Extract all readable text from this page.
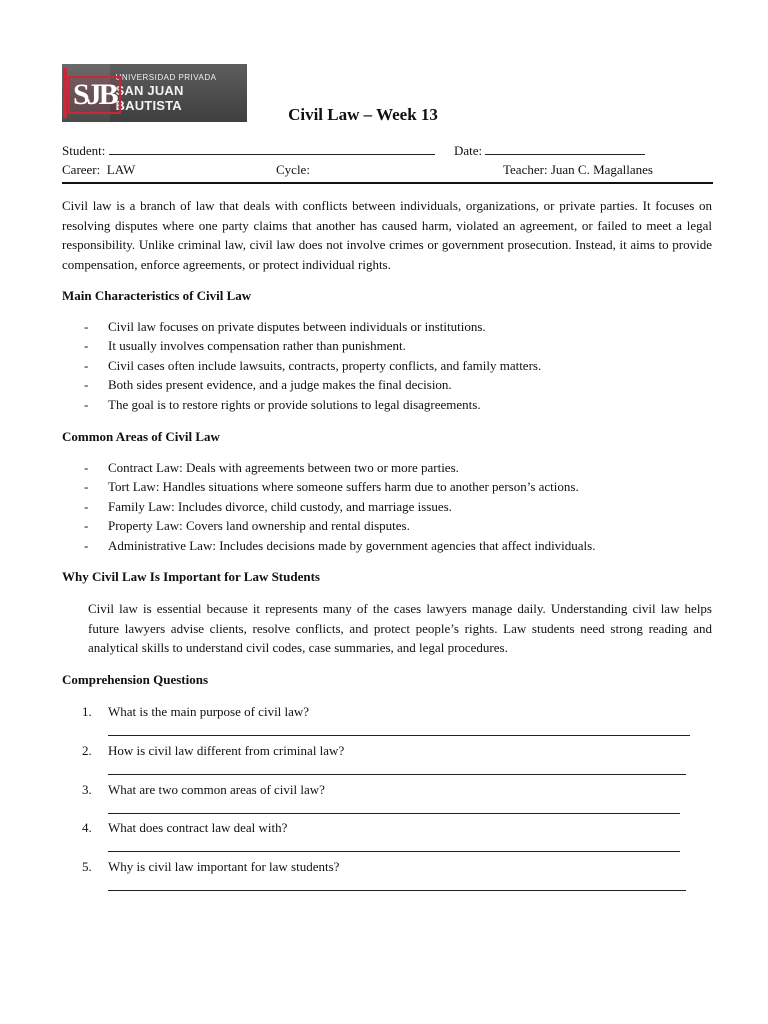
SJB
UNIVERSIDAD PRIVADA
SAN JUAN BAUTISTA	Civil Law – Week 13
Student:	Date:
Career: LAW	Cycle:	Teacher: Juan C. Magallanes

Civil law is a branch of law that deals with conflicts between individuals, organizations, or private parties. It focuses on resolving disputes where one party claims that another has caused harm, violated an agreement, or failed to meet a legal responsibility. Unlike criminal law, civil law does not involve crimes or government prosecution. Instead, it aims to provide compensation, enforce agreements, or protect individual rights.

Main Characteristics of Civil Law
- Civil law focuses on private disputes between individuals or institutions.
- It usually involves compensation rather than punishment.
- Civil cases often include lawsuits, contracts, property conflicts, and family matters.
- Both sides present evidence, and a judge makes the final decision.
- The goal is to restore rights or provide solutions to legal disagreements.
Common Areas of Civil Law
- Contract Law: Deals with agreements between two or more parties.
- Tort Law: Handles situations where someone suffers harm due to another person’s actions.
- Family Law: Includes divorce, child custody, and marriage issues.
- Property Law: Covers land ownership and rental disputes.
- Administrative Law: Includes decisions made by government agencies that affect individuals.
Why Civil Law Is Important for Law Students

Civil law is essential because it represents many of the cases lawyers manage daily. Understanding civil law helps future lawyers advise clients, resolve conflicts, and protect people’s rights. Law students need strong reading and analytical skills to understand civil codes, case summaries, and legal procedures.

Comprehension Questions
1. What is the main purpose of civil law?
2. How is civil law different from criminal law?
3. What are two common areas of civil law?
4. What does contract law deal with?
5. Why is civil law important for law students?
